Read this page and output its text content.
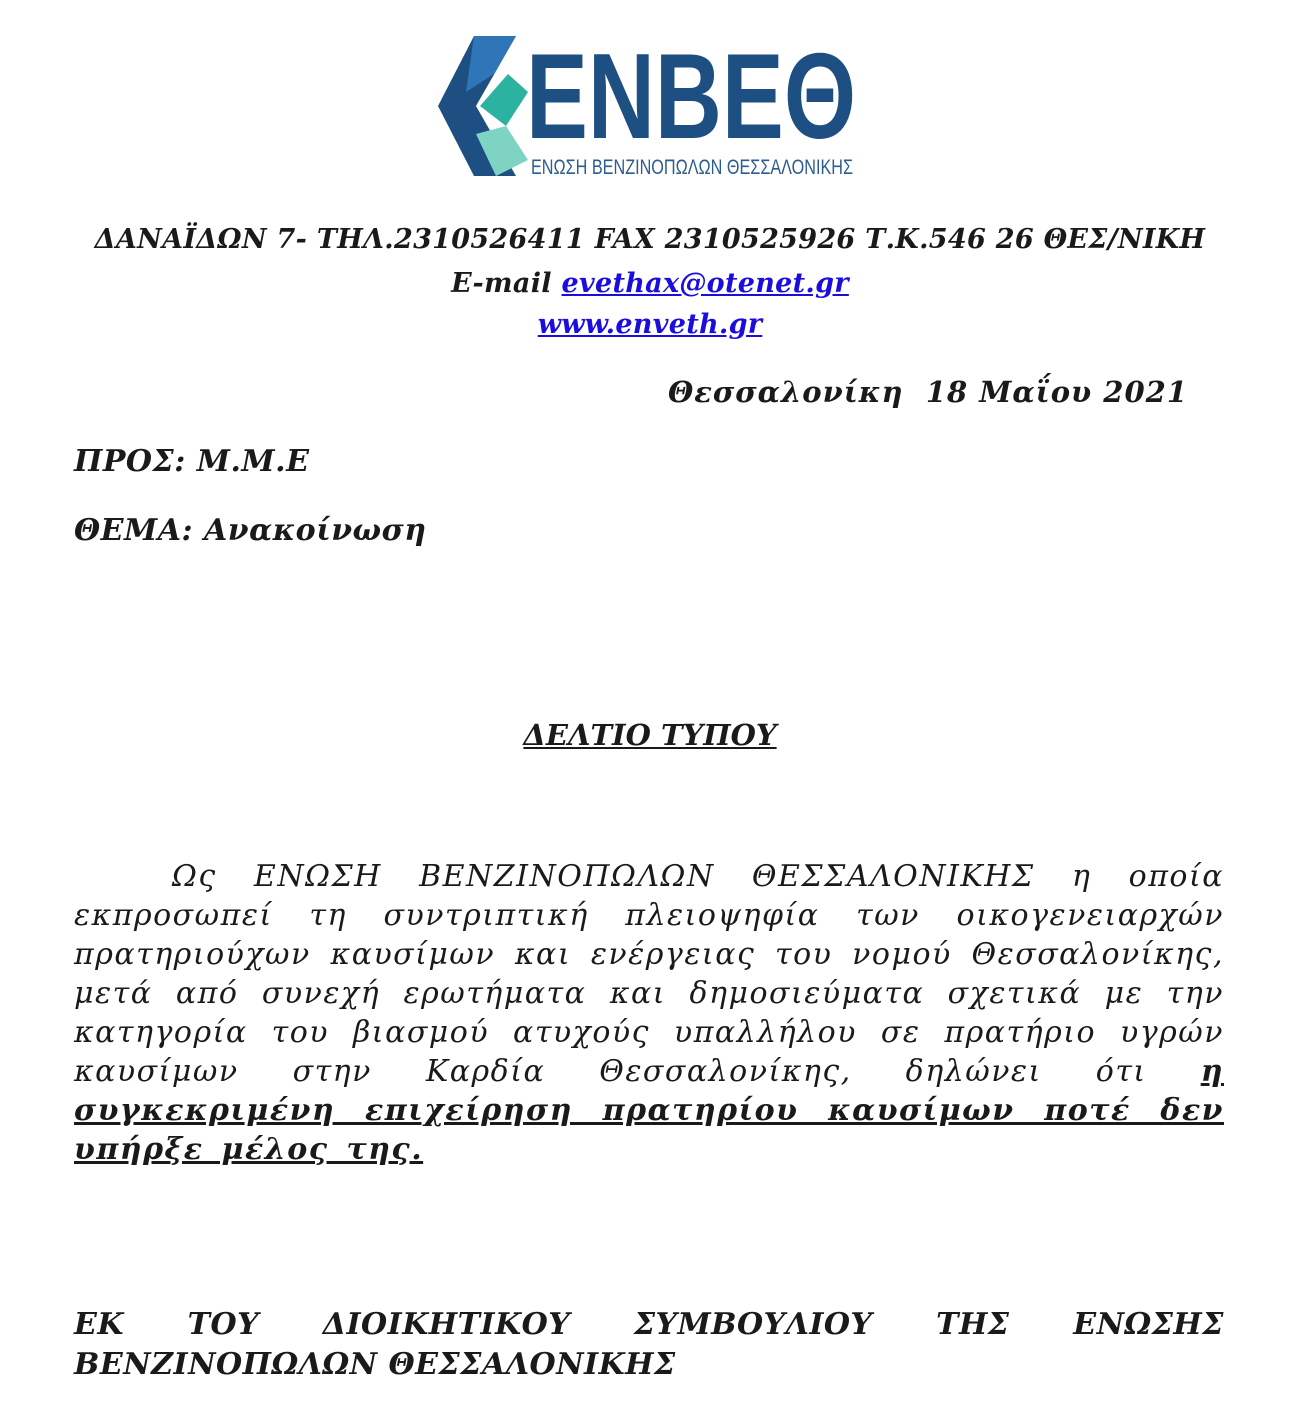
ΕΝΒΕΘ
ΕΝΩΣΗ ΒΕΝΖΙΝΟΠΩΛΩΝ ΘΕΣΣΑΛΟΝΙΚΗΣ
ΔΑΝΑΪΔΩΝ 7- ΤΗΛ.2310526411 FAX 2310525926 Τ.Κ.546 26 ΘΕΣ/ΝΙΚΗ
E-mail evethax@otenet.gr
www.enveth.gr
Θεσσαλονίκη  18 Μαΐου 2021
ΠΡΟΣ: Μ.Μ.Ε
ΘΕΜΑ: Ανακοίνωση
ΔΕΛΤΙΟ ΤΥΠΟΥ
Ως ΕΝΩΣΗ ΒΕΝΖΙΝΟΠΩΛΩΝ ΘΕΣΣΑΛΟΝΙΚΗΣ η οποία εκπροσωπεί τη συντριπτική πλειοψηφία των οικογενειαρχών πρατηριούχων καυσίμων και ενέργειας του νομού Θεσσαλονίκης, μετά από συνεχή ερωτήματα και δημοσιεύματα σχετικά με την κατηγορία του βιασμού ατυχούς υπαλλήλου σε πρατήριο υγρών καυσίμων στην Καρδία Θεσσαλονίκης, δηλώνει ότι η συγκεκριμένη επιχείρηση πρατηρίου καυσίμων ποτέ δεν υπήρξε μέλος της.
ΕΚ ΤΟΥ ΔΙΟΙΚΗΤΙΚΟΥ ΣΥΜΒΟΥΛΙΟΥ ΤΗΣ ΕΝΩΣΗΣ
ΒΕΝΖΙΝΟΠΩΛΩΝ ΘΕΣΣΑΛΟΝΙΚΗΣ
